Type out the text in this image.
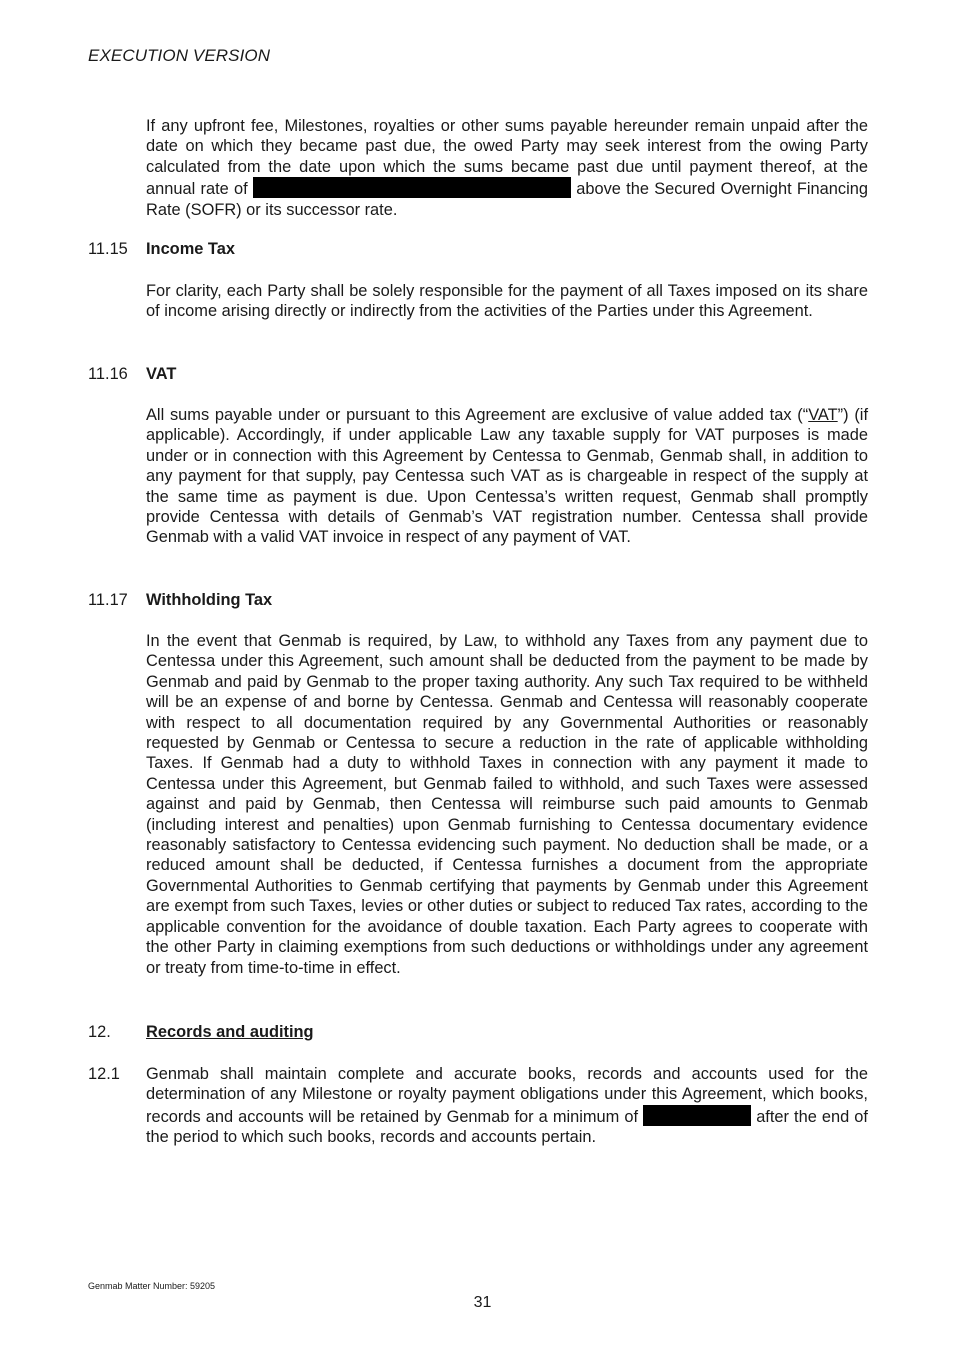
EXECUTION VERSION
If any upfront fee, Milestones, royalties or other sums payable hereunder remain unpaid after the date on which they became past due, the owed Party may seek interest from the owing Party calculated from the date upon which the sums became past due until payment thereof, at the annual rate of	above the Secured Overnight Financing Rate (SOFR) or its successor rate.
11.15 Income Tax
For clarity, each Party shall be solely responsible for the payment of all Taxes imposed on its share of income arising directly or indirectly from the activities of the Parties under this Agreement.
11.16 VAT
All sums payable under or pursuant to this Agreement are exclusive of value added tax (“VAT”) (if applicable). Accordingly, if under applicable Law any taxable supply for VAT purposes is made under or in connection with this Agreement by Centessa to Genmab, Genmab shall, in addition to any payment for that supply, pay Centessa such VAT as is chargeable in respect of the supply at the same time as payment is due. Upon Centessa’s written request, Genmab shall promptly provide Centessa with details of Genmab’s VAT registration number. Centessa shall provide Genmab with a valid VAT invoice in respect of any payment of VAT.
11.17 Withholding Tax
In the event that Genmab is required, by Law, to withhold any Taxes from any payment due to Centessa under this Agreement, such amount shall be deducted from the payment to be made by Genmab and paid by Genmab to the proper taxing authority. Any such Tax required to be withheld will be an expense of and borne by Centessa. Genmab and Centessa will reasonably cooperate with respect to all documentation required by any Governmental Authorities or reasonably requested by Genmab or Centessa to secure a reduction in the rate of applicable withholding Taxes. If Genmab had a duty to withhold Taxes in connection with any payment it made to Centessa under this Agreement, but Genmab failed to withhold, and such Taxes were assessed against and paid by Genmab, then Centessa will reimburse such paid amounts to Genmab (including interest and penalties) upon Genmab furnishing to Centessa documentary evidence reasonably satisfactory to Centessa evidencing such payment. No deduction shall be made, or a reduced amount shall be deducted, if Centessa furnishes a document from the appropriate Governmental Authorities to Genmab certifying that payments by Genmab under this Agreement are exempt from such Taxes, levies or other duties or subject to reduced Tax rates, according to the applicable convention for the avoidance of double taxation. Each Party agrees to cooperate with the other Party in claiming exemptions from such deductions or withholdings under any agreement or treaty from time-to-time in effect.
12. Records and auditing
12.1 Genmab shall maintain complete and accurate books, records and accounts used for the determination of any Milestone or royalty payment obligations under this Agreement, which books, records and accounts will be retained by Genmab for a minimum of	after the end of the period to which such books, records and accounts pertain.
Genmab Matter Number: 59205
31
